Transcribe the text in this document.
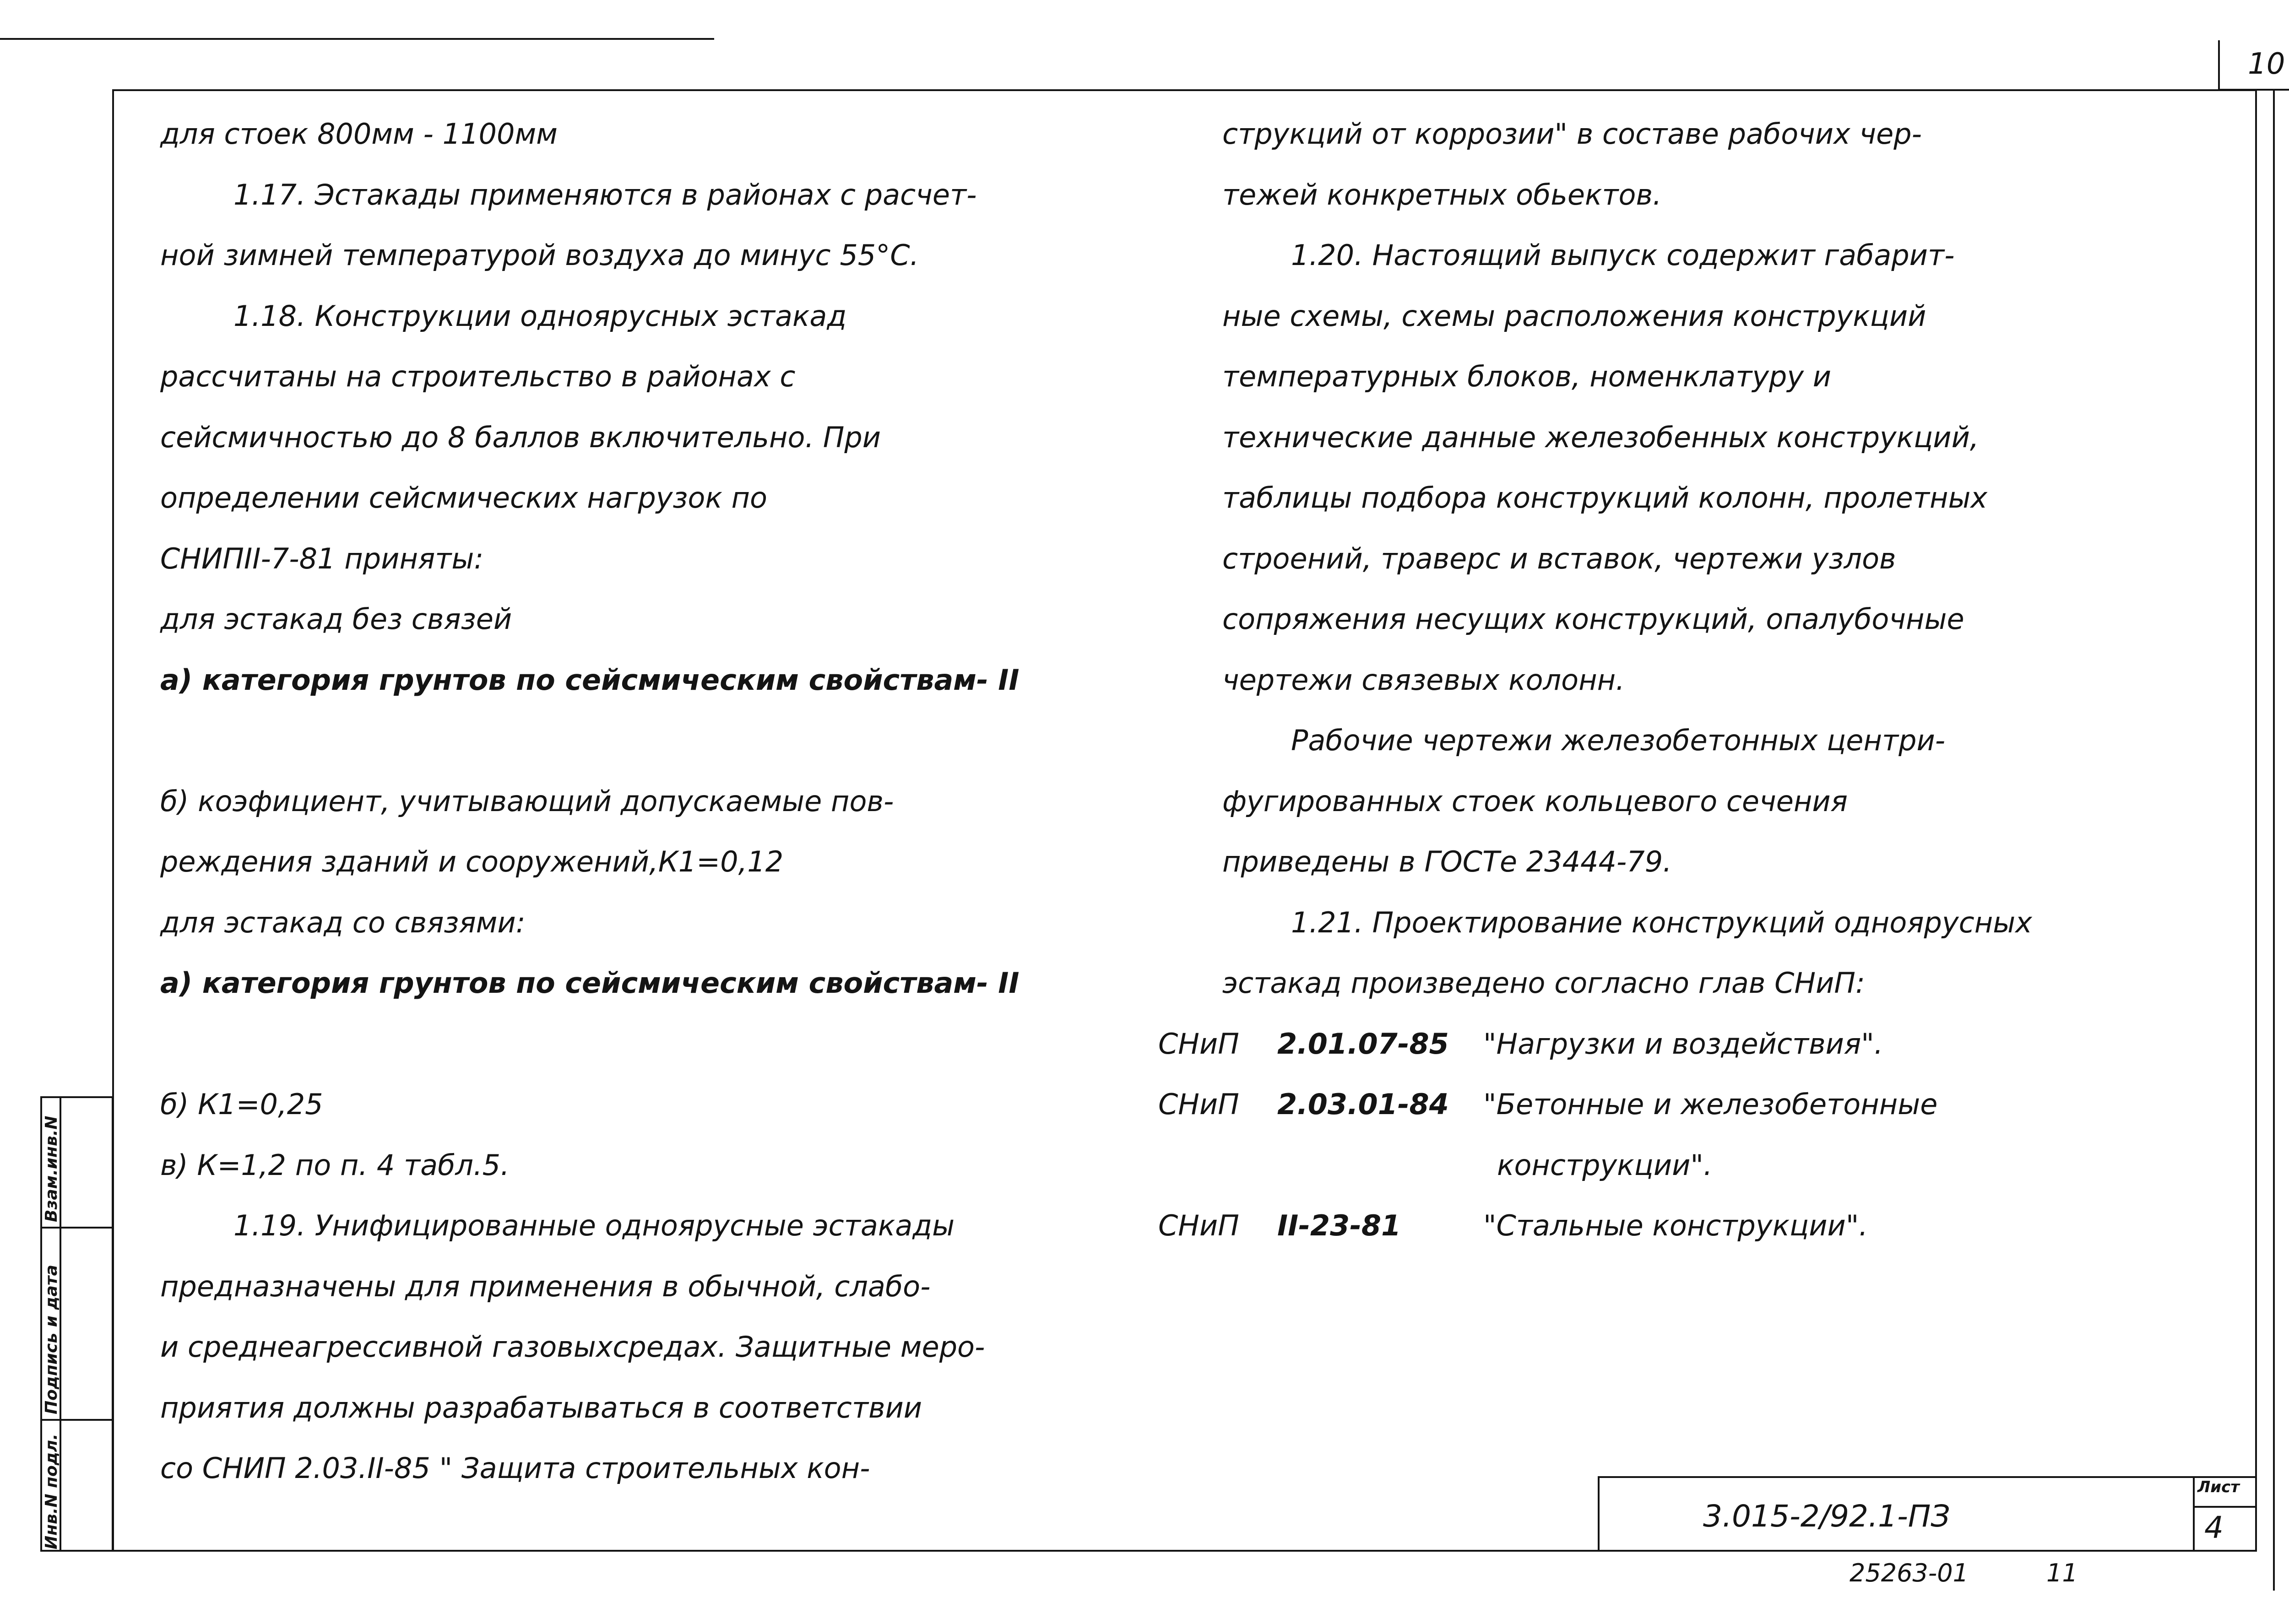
10
Инв.N подл.
Подпись и дата
Взам.инв.N
для стоек 800мм - 1100мм
1.17. Эстакады применяются в районах с расчет-
ной зимней температурой воздуха до минус 55°С.
1.18. Конструкции одноярусных эстакад
рассчитаны на строительство в районах с
сейсмичностью до 8 баллов включительно. При
определении сейсмических нагрузок по
СНИПII-7-81 приняты:
для эстакад без связей
а) категория грунтов по сейсмическим свойствам- II
б) коэфициент, учитывающий допускаемые пов-
реждения зданий и сооружений,К1=0,12
для эстакад со связями:
а) категория грунтов по сейсмическим свойствам- II
б) К1=0,25
в) К=1,2 по п. 4 табл.5.
1.19. Унифицированные одноярусные эстакады
предназначены для применения в обычной, слабо-
и среднеагрессивной газовыхсредах. Защитные меро-
приятия должны разрабатываться в соответствии
со СНИП 2.03.II-85 " Защита строительных кон-
струкций от коррозии" в составе рабочих чер-
тежей конкретных обьектов.
1.20. Настоящий выпуск содержит габарит-
ные схемы, схемы расположения конструкций
температурных блоков, номенклатуру и
технические данные железобенных конструкций,
таблицы подбора конструкций колонн, пролетных
строений, траверс и вставок, чертежи узлов
сопряжения несущих конструкций, опалубочные
чертежи связевых колонн.
Рабочие чертежи железобетонных центри-
фугированных стоек кольцевого сечения
приведены в ГОСТе 23444-79.
1.21. Проектирование конструкций одноярусных
эстакад произведено согласно глав СНиП:
СНиП 2.01.07-85 "Нагрузки и воздействия".
СНиП 2.03.01-84 "Бетонные и железобетонные
конструкции".
СНиП II-23-81	"Стальные конструкции".
3.015-2/92.1-ПЗ
Лист
4
25263-01	11
